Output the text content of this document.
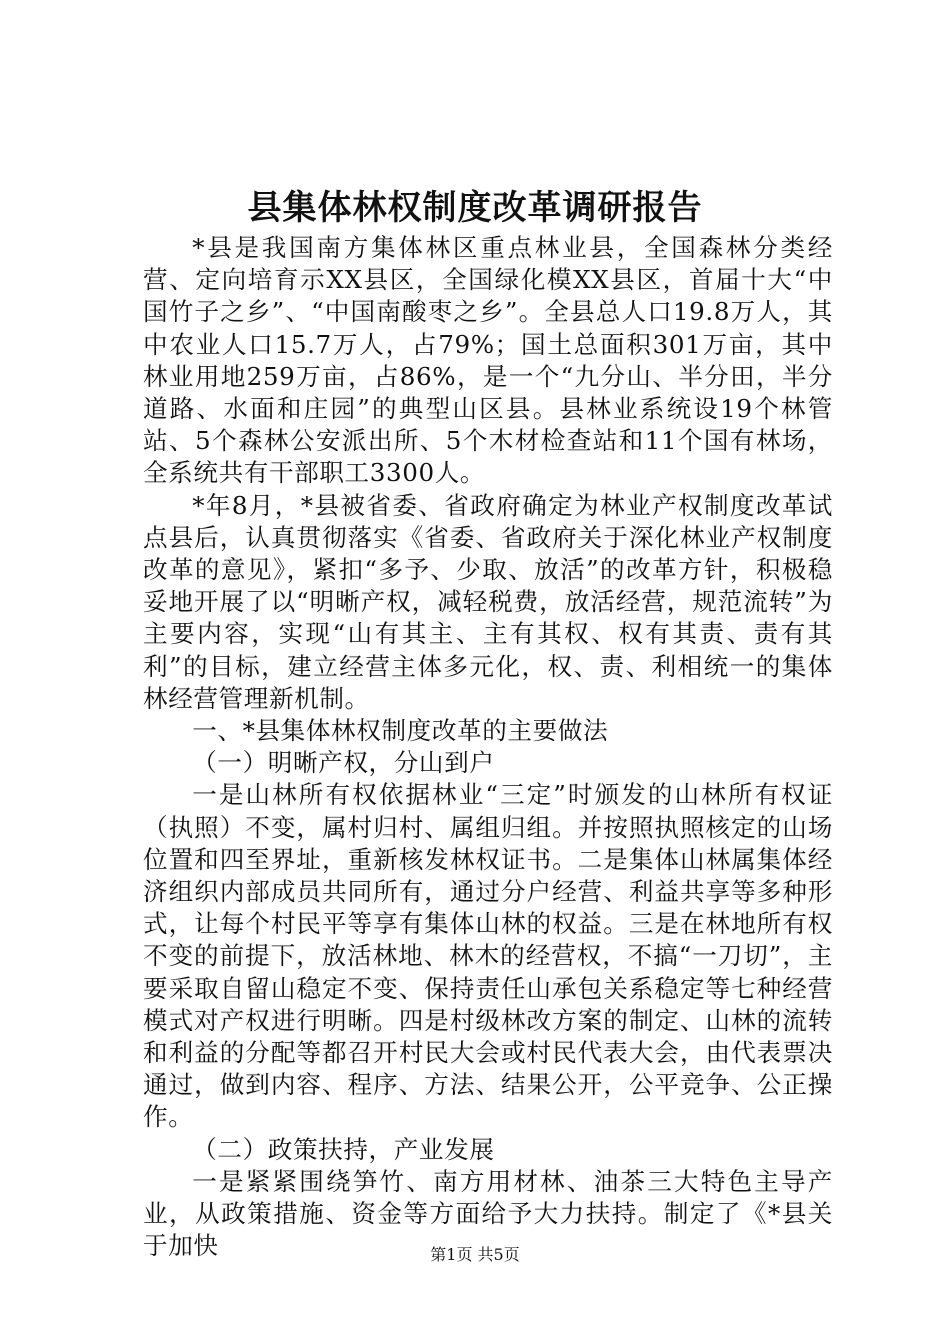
县集体林权制度改革调研报告

*县是我国南方集体林区重点林业县，全国森林分类经营、定向培育示XX县区，全国绿化模XX县区，首届十大“中国竹子之乡”、“中国南酸枣之乡”。全县总人口19.8万人，其中农业人口15.7万人，占79%；国土总面积301万亩，其中林业用地259万亩，占86%，是一个“九分山、半分田，半分道路、水面和庄园”的典型山区县。县林业系统设19个林管站、5个森林公安派出所、5个木材检查站和11个国有林场，全系统共有干部职工3300人。

*年8月，*县被省委、省政府确定为林业产权制度改革试点县后，认真贯彻落实《省委、省政府关于深化林业产权制度改革的意见》，紧扣“多予、少取、放活”的改革方针，积极稳妥地开展了以“明晰产权，减轻税费，放活经营，规范流转”为主要内容，实现“山有其主、主有其权、权有其责、责有其利”的目标，建立经营主体多元化，权、责、利相统一的集体林经营管理新机制。

一、*县集体林权制度改革的主要做法

（一）明晰产权，分山到户

一是山林所有权依据林业“三定”时颁发的山林所有权证（执照）不变，属村归村、属组归组。并按照执照核定的山场位置和四至界址，重新核发林权证书。二是集体山林属集体经济组织内部成员共同所有，通过分户经营、利益共享等多种形式，让每个村民平等享有集体山林的权益。三是在林地所有权不变的前提下，放活林地、林木的经营权，不搞“一刀切”，主要采取自留山稳定不变、保持责任山承包关系稳定等七种经营模式对产权进行明晰。四是村级林改方案的制定、山林的流转和利益的分配等都召开村民大会或村民代表大会，由代表票决通过，做到内容、程序、方法、结果公开，公平竞争、公正操作。

（二）政策扶持，产业发展

一是紧紧围绕笋竹、南方用材林、油茶三大特色主导产业，从政策措施、资金等方面给予大力扶持。制定了《*县关于加快	第1页 共5页
